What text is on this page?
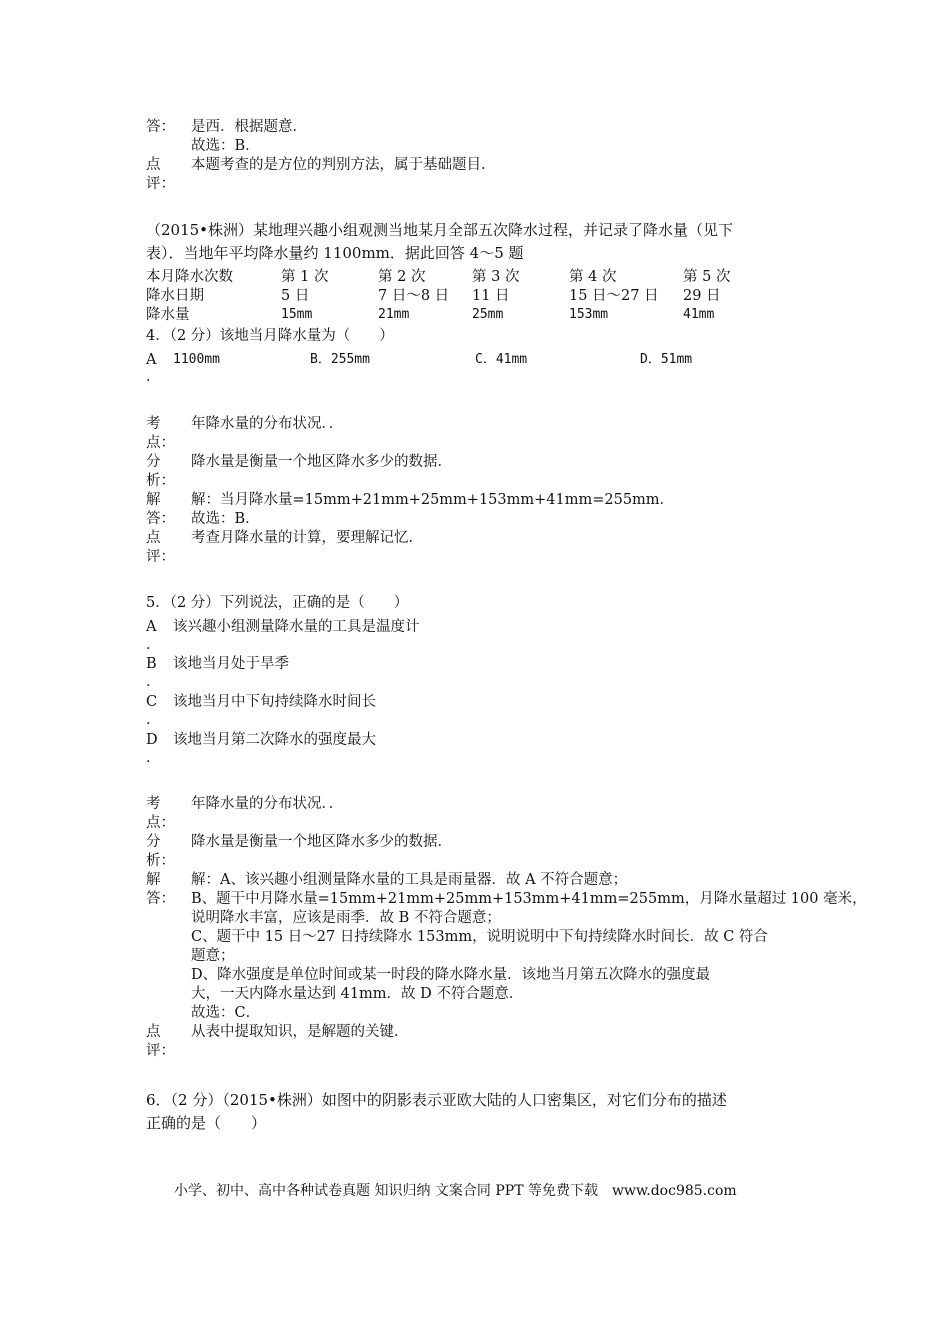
答： 是西．根据题意．
故选：B．
点 本题考查的是方位的判别方法，属于基础题目．
评：
（2015•株洲）某地理兴趣小组观测当地某月全部五次降水过程，并记录了降水量（见下
表）．当地年平均降水量约 1100mm．据此回答 4～5 题
本月降水次数	第 1 次	第 2 次	第 3 次	第 4 次	第 5 次
降水日期	5 日	7 日～8 日 11 日	15 日～27 日 29 日
降水量	15mm	21mm	25mm	153mm	41mm
4．（2 分）该地当月降水量为（　　）
A 1100mm	B．255mm	C．41mm	D．51mm
．
考 年降水量的分布状况．．
点：
分 降水量是衡量一个地区降水多少的数据．
析：
解 解：当月降水量=15mm+21mm+25mm+153mm+41mm=255mm．
答： 故选：B．
点 考查月降水量的计算，要理解记忆．
评：
5．（2 分）下列说法，正确的是（　　）
A 该兴趣小组测量降水量的工具是温度计
．
B 该地当月处于旱季
．
C 该地当月中下旬持续降水时间长
．
D 该地当月第二次降水的强度最大
．
考 年降水量的分布状况．．
点：
分 降水量是衡量一个地区降水多少的数据．
析：
解 解：A、该兴趣小组测量降水量的工具是雨量器．故 A 不符合题意；
答： B、题干中月降水量=15mm+21mm+25mm+153mm+41mm=255mm，月降水量超过 100 毫米，
说明降水丰富，应该是雨季．故 B 不符合题意；
C、题干中 15 日～27 日持续降水 153mm，说明说明中下旬持续降水时间长．故 C 符合
题意；
D、降水强度是单位时间或某一时段的降水降水量．该地当月第五次降水的强度最
大，一天内降水量达到 41mm．故 D 不符合题意．
故选：C．
点 从表中提取知识，是解题的关键．
评：
6．（2 分）（2015•株洲）如图中的阴影表示亚欧大陆的人口密集区，对它们分布的描述
正确的是（　　）
小学、初中、高中各种试卷真题 知识归纳 文案合同 PPT 等免费下载　www.doc985.com
